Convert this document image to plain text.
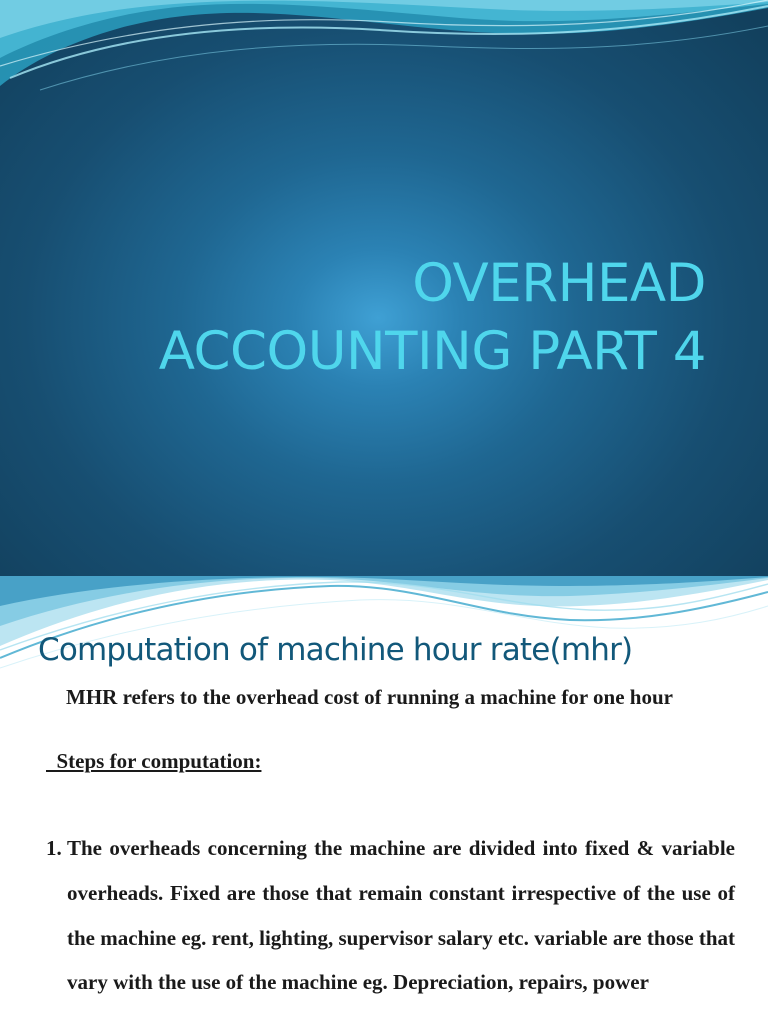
OVERHEAD
ACCOUNTING PART 4
Computation of machine hour rate(mhr)

MHR refers to the overhead cost of running a machine for one hour

Steps for computation:

1. The overheads concerning the machine are divided into fixed & variable overheads. Fixed are those that remain constant irrespective of the use of the machine eg. rent, lighting, supervisor salary etc. variable are those that vary with the use of the machine eg. Depreciation, repairs, power
